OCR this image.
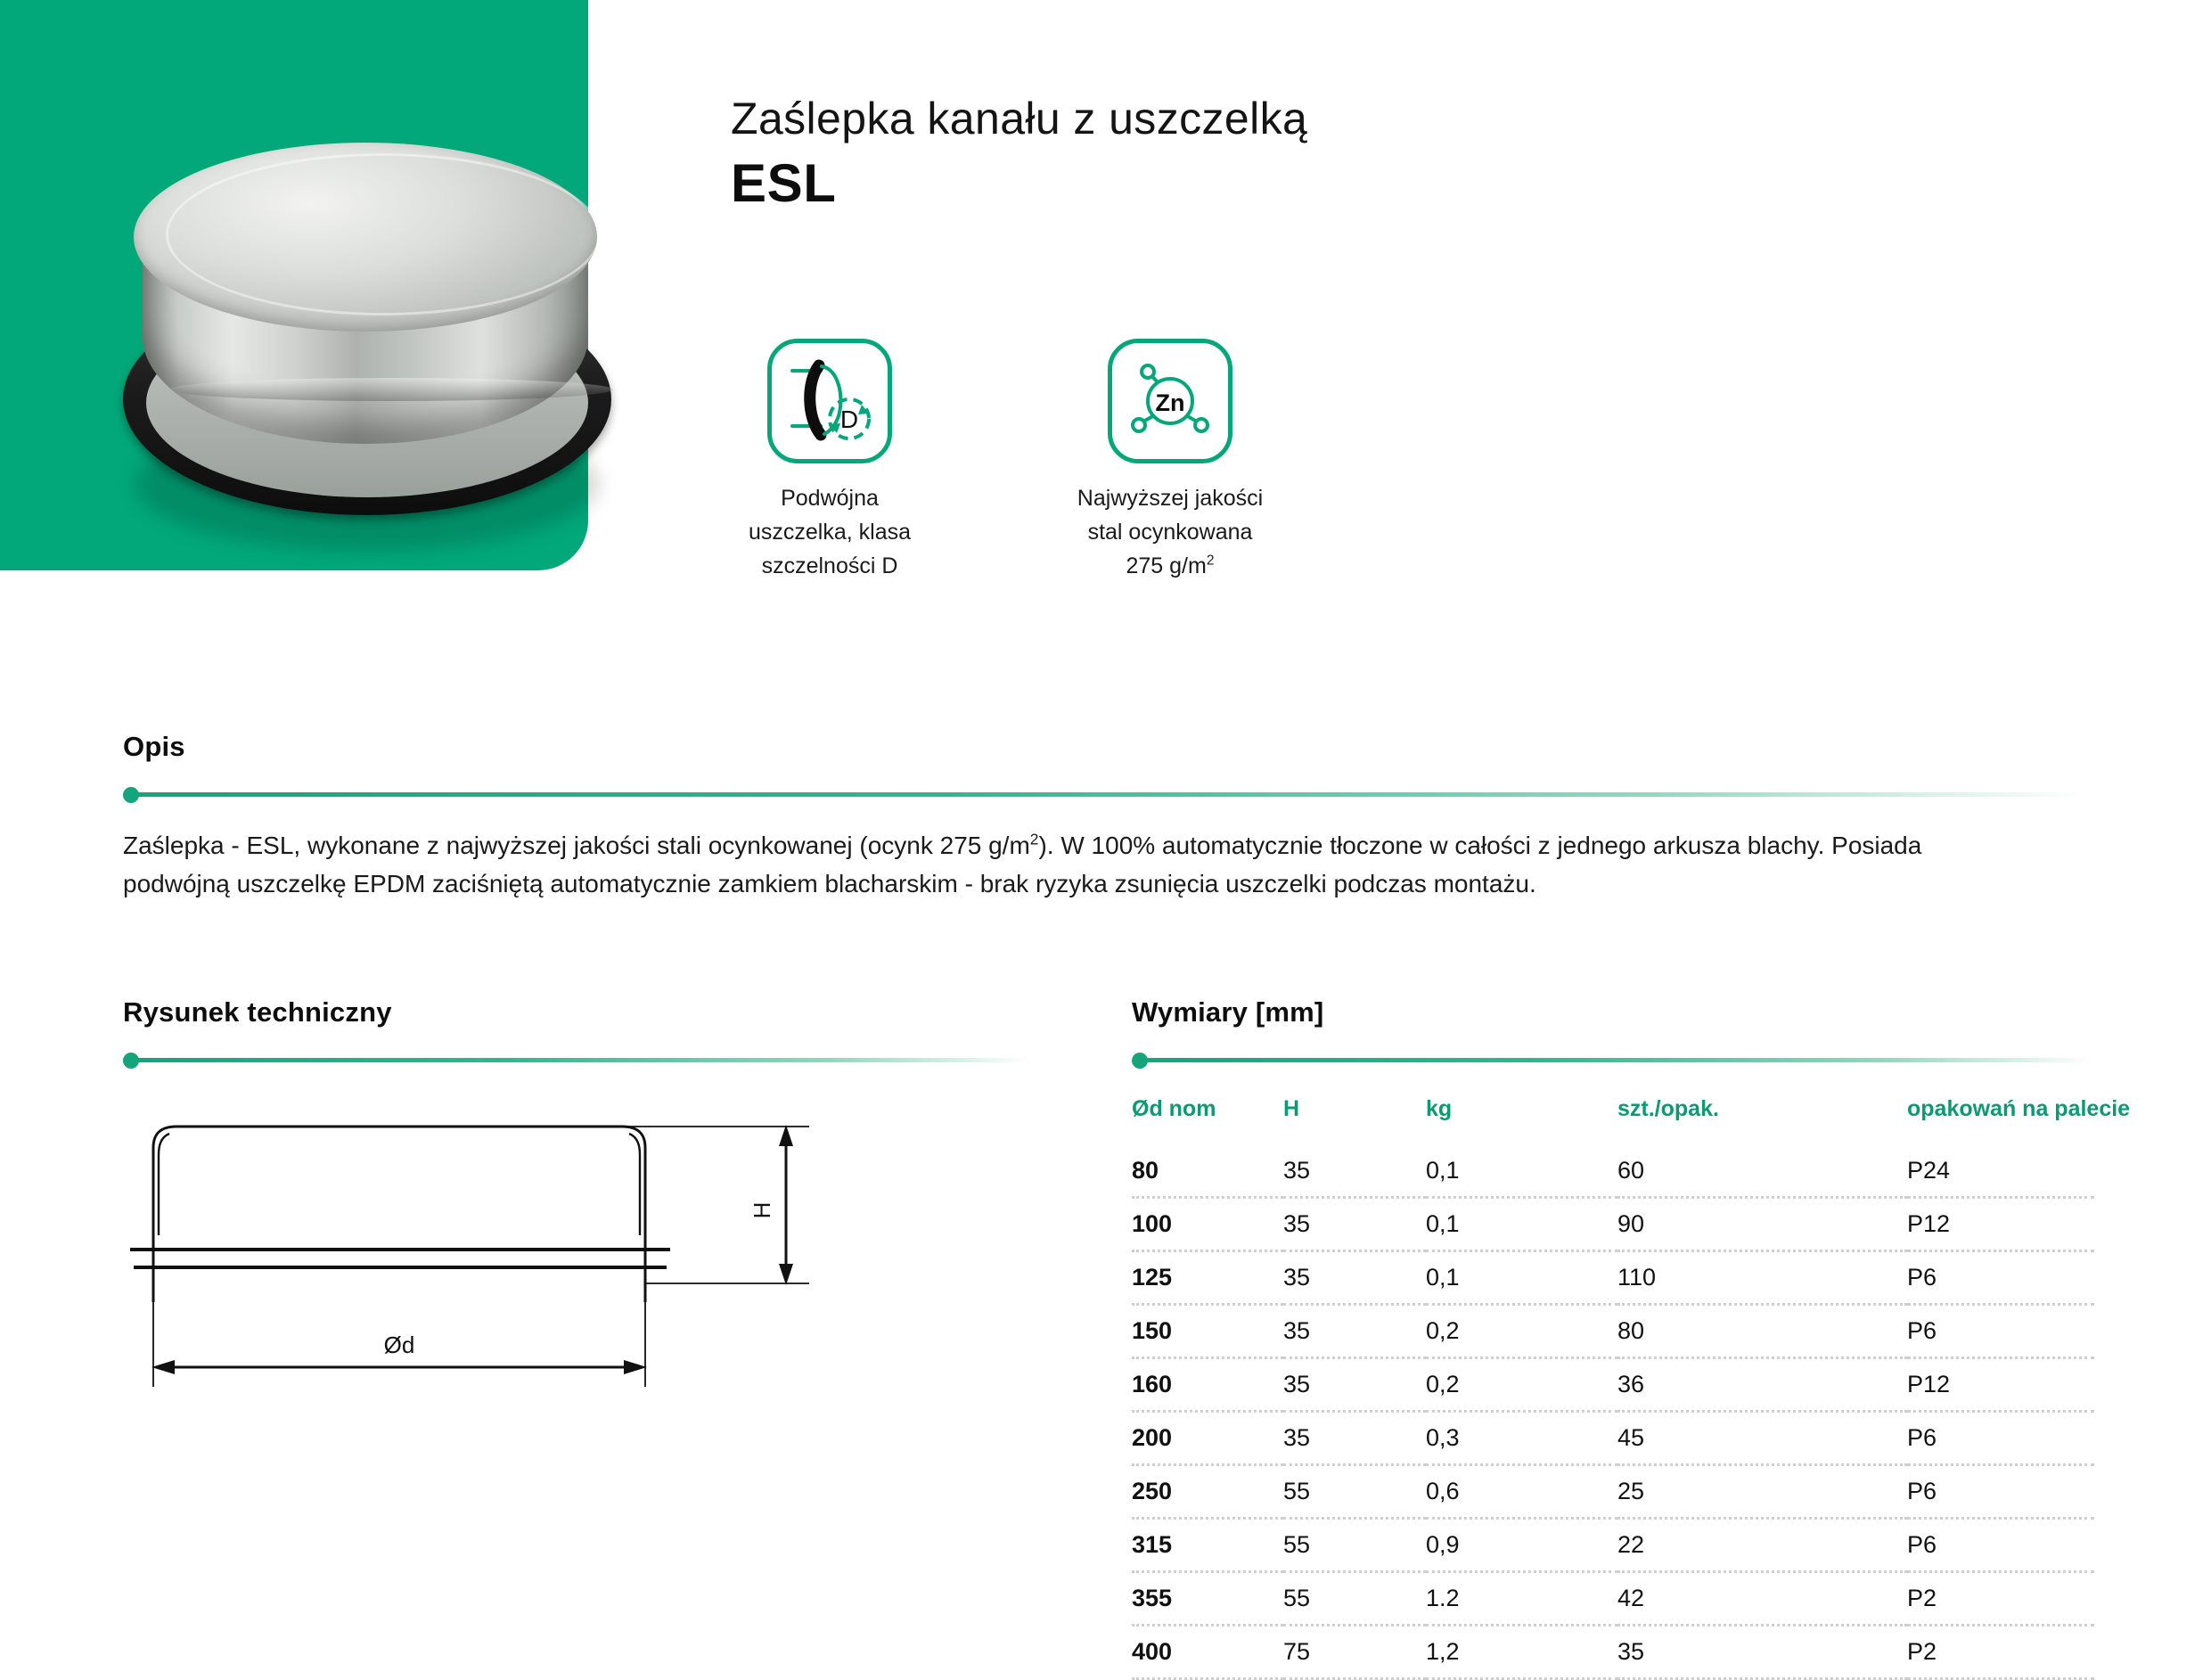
Zaślepka kanału z uszczelką
ESL
D
Podwójna
uszczelka, klasa
szczelności D
Zn
Najwyższej jakości
stal ocynkowana
275 $g/m^2$
Opis

Zaślepka - ESL, wykonane z najwyższej jakości stali ocynkowanej (ocynk 275 $g/m^2$). W 100% automatycznie tłoczone w całości z jednego arkusza blachy. Posiada podwójną uszczelkę EPDM zaciśniętą automatycznie zamkiem blacharskim - brak ryzyka zsunięcia uszczelki podczas montażu.

Rysunek techniczny
H
Ød
Wymiary [mm]
Ød nom	H	kg	szt./opak.	opakowań na palecie
80	35	0,1	60	P24
100	35	0,1	90	P12
125	35	0,1	110	P6
150	35	0,2	80	P6
160	35	0,2	36	P12
200	35	0,3	45	P6
250	55	0,6	25	P6
315	55	0,9	22	P6
355	55	1.2	42	P2
400	75	1,2	35	P2
